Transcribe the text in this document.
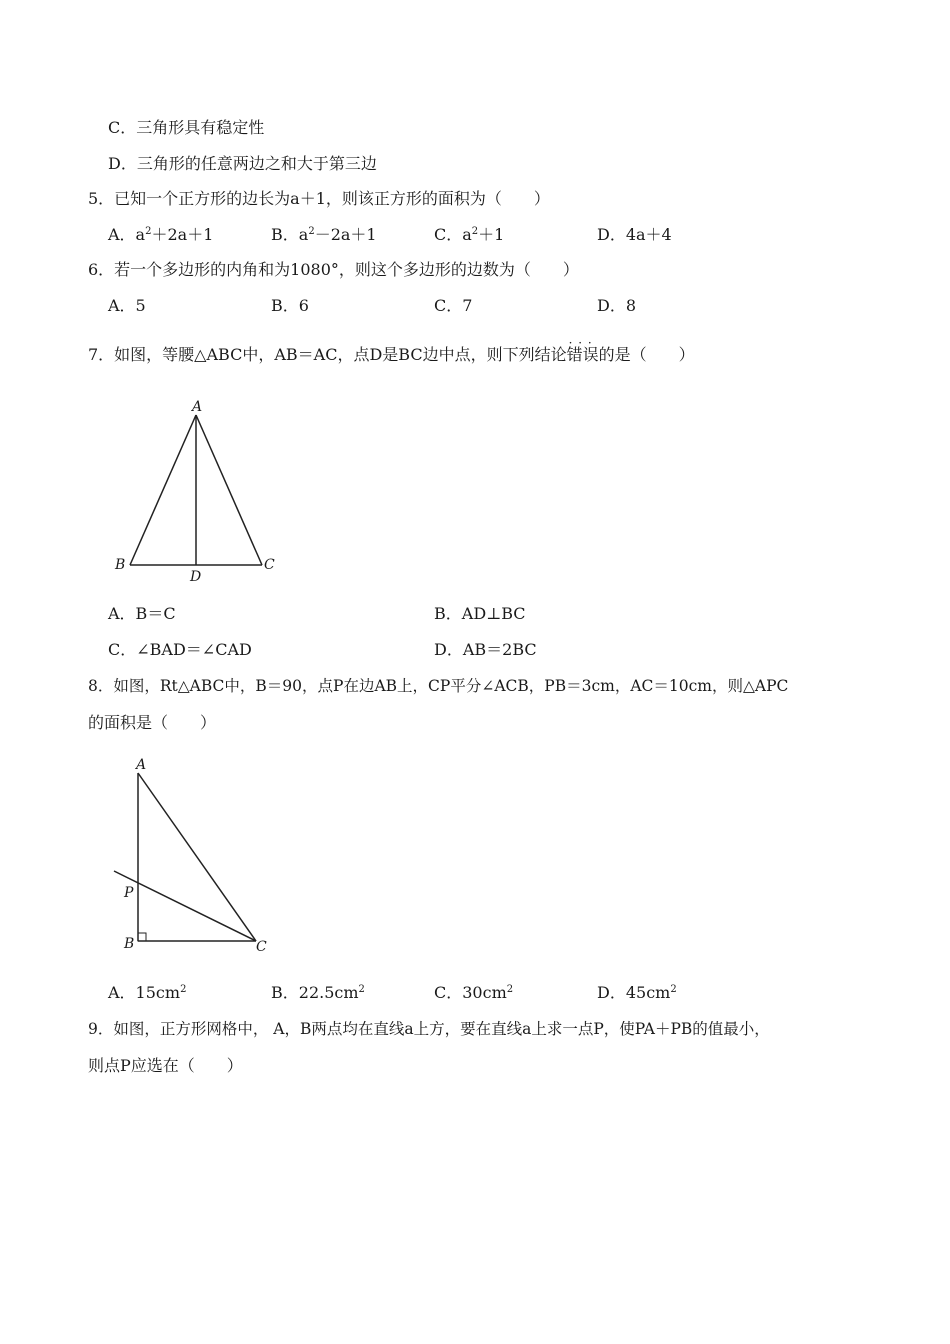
C．三角形具有稳定性
D．三角形的任意两边之和大于第三边
5．已知一个正方形的边长为a＋1，则该正方形的面积为（　　）
A．$a^2+2a+1$	B．$a^2-2a+1$	C．$a^2+1$	D．4a＋4
6．若一个多边形的内角和为1080°，则这个多边形的边数为（　　）
A．5	B．6	C．7	D．8
7．如图，等腰△ABC中，AB＝AC，点D是BC边中点，则下列结论· · · 错误的是（　　）
A
B	C
D
A．B＝C	B．AD⊥BC
C．∠BAD＝∠CAD	D．AB＝2BC
8．如图，Rt△ABC中，B＝90，点P在边AB上，CP平分∠ACB，PB＝3cm，AC＝10cm，则△APC
的面积是（　　）
A
P
B	C
A．$15cm^2$	B．$22.5cm^2$	C．$30cm^2$	D．$45cm^2$
9．如图，正方形网格中， A，B两点均在直线a上方，要在直线a上求一点P，使PA＋PB的值最小，
则点P应选在（　　）
